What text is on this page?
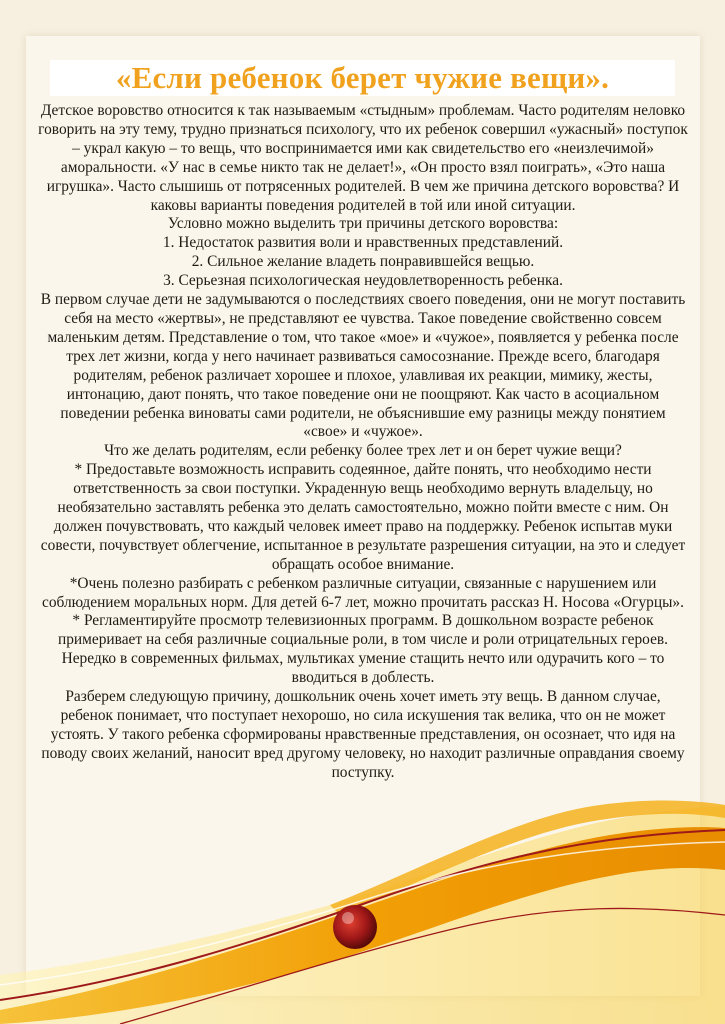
«Если ребенок берет чужие вещи».

Детское воровство относится к так называемым «стыдным» проблемам. Часто родителям неловко говорить на эту тему, трудно признаться психологу, что их ребенок совершил «ужасный» поступок – украл какую – то вещь, что воспринимается ими как свидетельство его «неизлечимой» аморальности. «У нас в семье никто так не делает!», «Он просто взял поиграть», «Это наша игрушка». Часто слышишь от потрясенных родителей. В чем же причина детского воровства? И каковы варианты поведения родителей в той или иной ситуации.

Условно можно выделить три причины детского воровства:

1. Недостаток развития воли и нравственных представлений.

2. Сильное желание владеть понравившейся вещью.

3. Серьезная психологическая неудовлетворенность ребенка.

В первом случае дети не задумываются о последствиях своего поведения, они не могут поставить себя на место «жертвы», не представляют ее чувства. Такое поведение свойственно совсем маленьким детям. Представление о том, что такое «мое» и «чужое», появляется у ребенка после трех лет жизни, когда у него начинает развиваться самосознание. Прежде всего, благодаря родителям, ребенок различает хорошее и плохое, улавливая их реакции, мимику, жесты, интонацию, дают понять, что такое поведение они не поощряют. Как часто в асоциальном поведении ребенка виноваты сами родители, не объяснившие ему разницы между понятием «свое» и «чужое».

Что же делать родителям, если ребенку более трех лет и он берет чужие вещи?

* Предоставьте возможность исправить содеянное, дайте понять, что необходимо нести ответственность за свои поступки. Украденную вещь необходимо вернуть владельцу, но необязательно заставлять ребенка это делать самостоятельно, можно пойти вместе с ним. Он должен почувствовать, что каждый человек имеет право на поддержку. Ребенок испытав муки совести, почувствует облегчение, испытанное в результате разрешения ситуации, на это и следует обращать особое внимание.

*Очень полезно разбирать с ребенком различные ситуации, связанные с нарушением или соблюдением моральных норм. Для детей 6-7 лет, можно прочитать рассказ Н. Носова «Огурцы».

* Регламентируйте просмотр телевизионных программ. В дошкольном возрасте ребенок примеривает на себя различные социальные роли, в том числе и роли отрицательных героев. Нередко в современных фильмах, мультиках умение стащить нечто или одурачить кого – то вводиться в доблесть.

Разберем следующую причину, дошкольник очень хочет иметь эту вещь. В данном случае, ребенок понимает, что поступает нехорошо, но сила искушения так велика, что он не может устоять. У такого ребенка сформированы нравственные представления, он осознает, что идя на поводу своих желаний, наносит вред другому человеку, но находит различные оправдания своему поступку.
